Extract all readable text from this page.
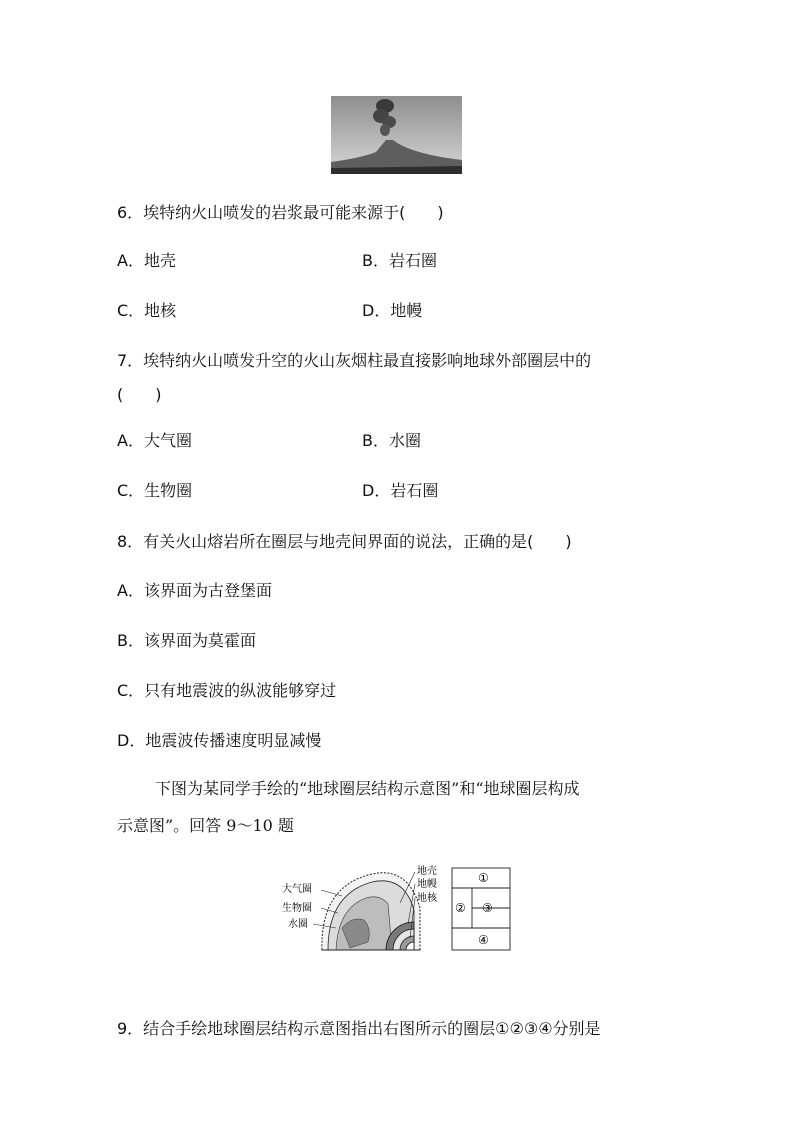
6．埃特纳火山喷发的岩浆最可能来源于(　　)
A．地壳	B．岩石圈
C．地核	D．地幔
7．埃特纳火山喷发升空的火山灰烟柱最直接影响地球外部圈层中的
(　　)
A．大气圈	B．水圈
C．生物圈	D．岩石圈
8．有关火山熔岩所在圈层与地壳间界面的说法，正确的是(　　)
A．该界面为古登堡面
B．该界面为莫霍面
C．只有地震波的纵波能够穿过
D．地震波传播速度明显减慢
下图为某同学手绘的“地球圈层结构示意图”和“地球圈层构成
示意图”。回答 9～10 题
大气圈
生物圈
水圈
地壳
地幔
地核
①
② ③
④
9．结合手绘地球圈层结构示意图指出右图所示的圈层①②③④分别是
